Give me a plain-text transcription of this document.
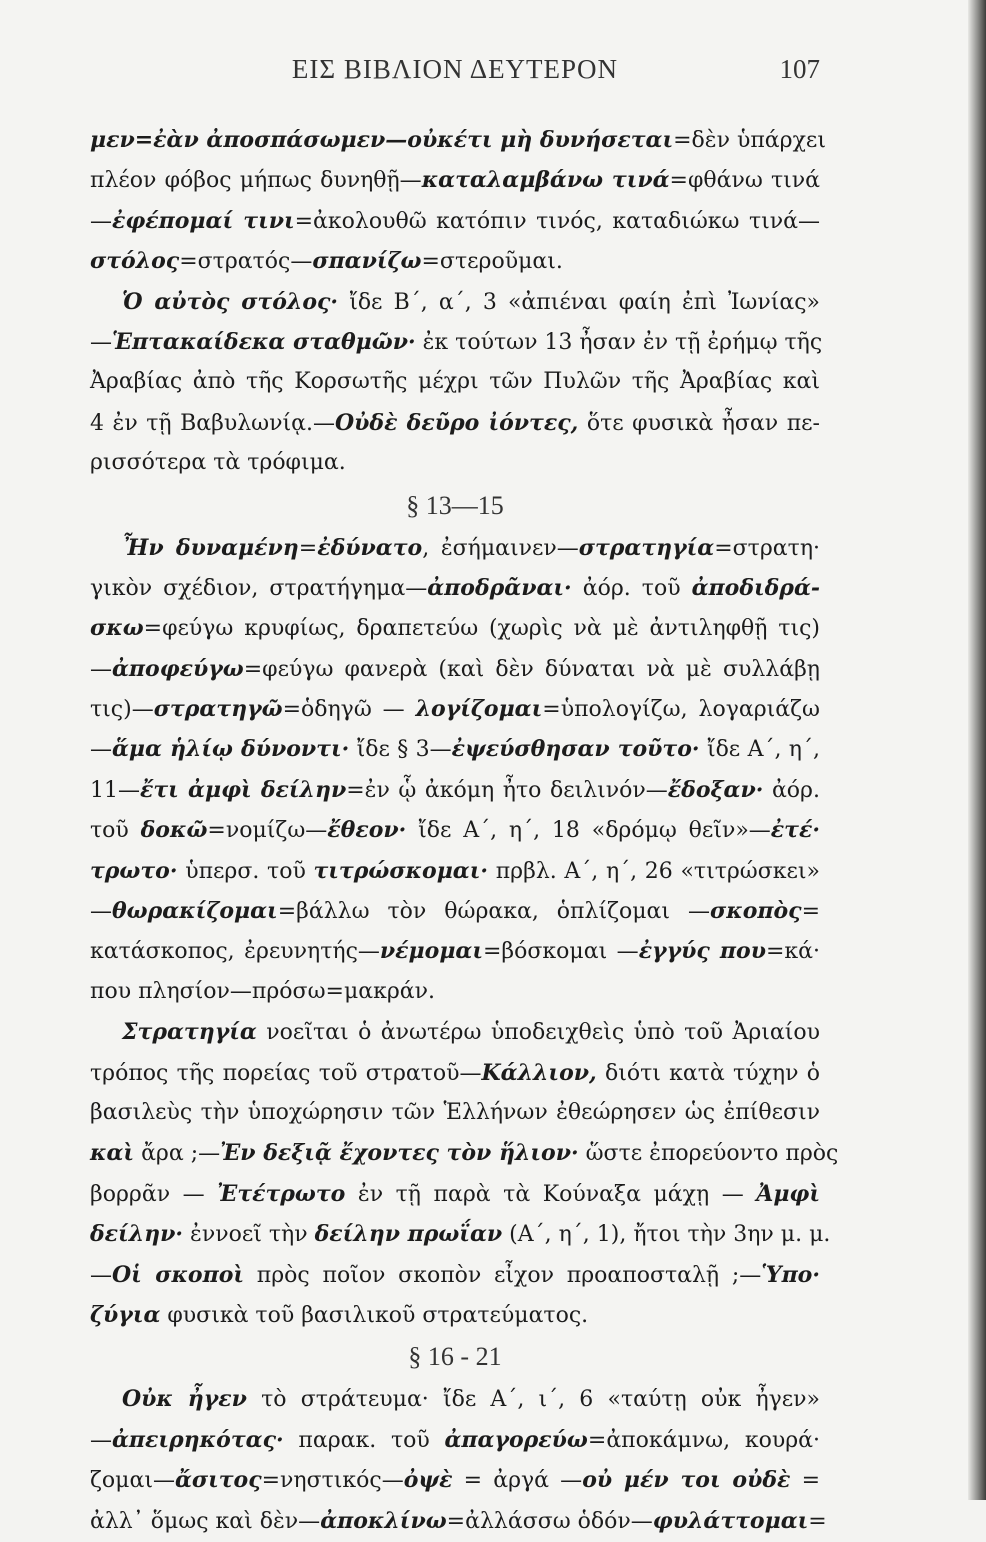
ΕΙΣ ΒΙΒΛΙΟΝ ΔΕΥΤΕΡΟΝ	107
μεν=ἐὰν ἀποσπάσωμεν—οὐκέτι μὴ δυνήσεται=δὲν ὑπάρχει
πλέον φόβος μήπως δυνηθῇ—καταλαμβάνω τινά=φθάνω τινά
—ἐφέπομαί τινι=ἀκολουθῶ κατόπιν τινός, καταδιώκω τινά—
στόλος=στρατός—σπανίζω=στεροῦμαι.
Ὁ αὐτὸς στόλος· ἴδε Β΄, α΄, 3 «ἀπιέναι φαίη ἐπὶ Ἰωνίας»
—Ἑπτακαίδεκα σταθμῶν· ἐκ τούτων 13 ἦσαν ἐν τῇ ἐρήμῳ τῆς
Ἀραβίας ἀπὸ τῆς Κορσωτῆς μέχρι τῶν Πυλῶν τῆς Ἀραβίας καὶ
4 ἐν τῇ Βαβυλωνίᾳ.—Οὐδὲ δεῦρο ἰόντες, ὅτε φυσικὰ ἦσαν πε-
ρισσότερα τὰ τρόφιμα.
§ 13—15
Ἦν δυναμένη=ἐδύνατο, ἐσήμαινεν—στρατηγία=στρατη·
γικὸν σχέδιον, στρατήγημα—ἀποδρᾶναι· ἀόρ. τοῦ ἀποδιδρά-
σκω=φεύγω κρυφίως, δραπετεύω (χωρὶς νὰ μὲ ἀντιληφθῇ τις)
—ἀποφεύγω=φεύγω φανερὰ (καὶ δὲν δύναται νὰ μὲ συλλάβῃ
τις)—στρατηγῶ=ὁδηγῶ — λογίζομαι=ὑπολογίζω, λογαριάζω
—ἅμα ἡλίῳ δύνοντι· ἴδε § 3—ἐψεύσθησαν τοῦτο· ἴδε Α΄, η΄,
11—ἔτι ἀμφὶ δείλην=ἐν ᾧ ἀκόμη ἦτο δειλινόν—ἔδοξαν· ἀόρ.
τοῦ δοκῶ=νομίζω—ἔθεον· ἴδε Α΄, η΄, 18 «δρόμῳ θεῖν»—ἐτέ·
τρωτο· ὑπερσ. τοῦ τιτρώσκομαι· πρβλ. Α΄, η΄, 26 «τιτρώσκει»
—θωρακίζομαι=βάλλω τὸν θώρακα, ὁπλίζομαι —σκοπὸς=
κατάσκοπος, ἐρευνητής—νέμομαι=βόσκομαι —ἐγγύς που=κά·
που πλησίον—πρόσω=μακράν.
Στρατηγία νοεῖται ὁ ἀνωτέρω ὑποδειχθεὶς ὑπὸ τοῦ Ἀριαίου
τρόπος τῆς πορείας τοῦ στρατοῦ—Κάλλιον, διότι κατὰ τύχην ὁ
βασιλεὺς τὴν ὑποχώρησιν τῶν Ἑλλήνων ἐθεώρησεν ὡς ἐπίθεσιν
καὶ ἄρα ;—Ἐν δεξιᾷ ἔχοντες τὸν ἥλιον· ὥστε ἐπορεύοντο πρὸς
βορρᾶν — Ἐτέτρωτο ἐν τῇ παρὰ τὰ Κούναξα μάχῃ — Ἀμφὶ
δείλην· ἐννοεῖ τὴν δείλην πρωΐαν (Α΄, η΄, 1), ἤτοι τὴν 3ην μ. μ.
—Οἱ σκοποὶ πρὸς ποῖον σκοπὸν εἶχον προαποσταλῇ ;—Ὑπο·
ζύγια φυσικὰ τοῦ βασιλικοῦ στρατεύματος.
§ 16 - 21
Οὐκ ἦγεν τὸ στράτευμα· ἴδε Α΄, ι΄, 6 «ταύτῃ οὐκ ἦγεν»
—ἀπειρηκότας· παρακ. τοῦ ἀπαγορεύω=ἀποκάμνω, κουρά·
ζομαι—ἄσιτος=νηστικός—ὀψὲ = ἀργά —οὐ μέν τοι οὐδὲ =
ἀλλ᾽ ὅμως καὶ δὲν—ἀποκλίνω=ἀλλάσσω ὁδόν—φυλάττομαι=
